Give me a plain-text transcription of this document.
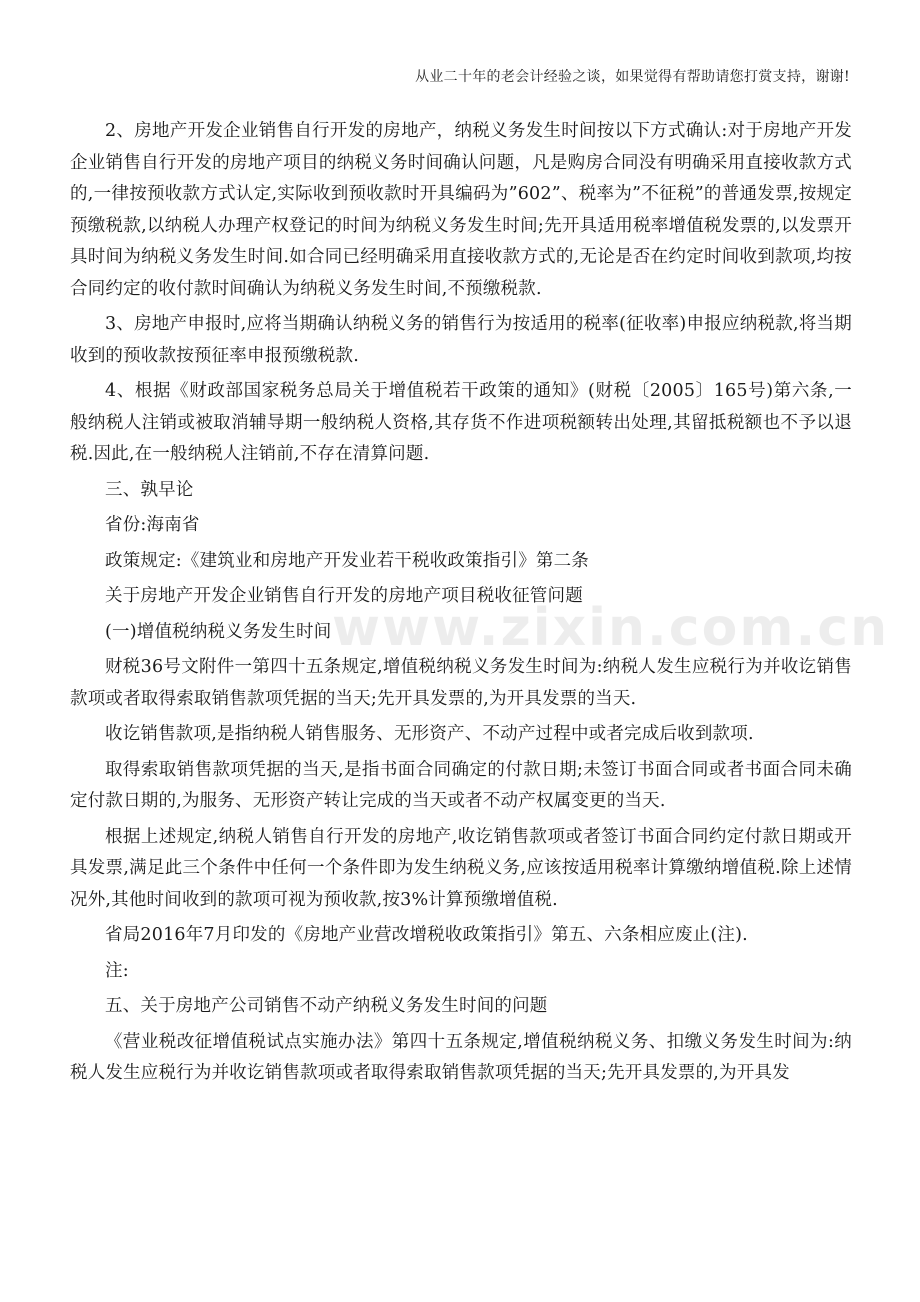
从业二十年的老会计经验之谈，如果觉得有帮助请您打赏支持，谢谢!
www.zixin.com.cn

2、房地产开发企业销售自行开发的房地产，纳税义务发生时间按以下方式确认:对于房地产开发企业销售自行开发的房地产项目的纳税义务时间确认问题，凡是购房合同没有明确采用直接收款方式的,一律按预收款方式认定,实际收到预收款时开具编码为”602”、税率为”不征税”的普通发票,按规定预缴税款,以纳税人办理产权登记的时间为纳税义务发生时间;先开具适用税率增值税发票的,以发票开具时间为纳税义务发生时间.如合同已经明确采用直接收款方式的,无论是否在约定时间收到款项,均按合同约定的收付款时间确认为纳税义务发生时间,不预缴税款.

3、房地产申报时,应将当期确认纳税义务的销售行为按适用的税率(征收率)申报应纳税款,将当期收到的预收款按预征率申报预缴税款.

4、根据《财政部国家税务总局关于增值税若干政策的通知》(财税〔2005〕165号)第六条,一般纳税人注销或被取消辅导期一般纳税人资格,其存货不作进项税额转出处理,其留抵税额也不予以退税.因此,在一般纳税人注销前,不存在清算问题.

三、孰早论

省份:海南省

政策规定:《建筑业和房地产开发业若干税收政策指引》第二条

关于房地产开发企业销售自行开发的房地产项目税收征管问题

(一)增值税纳税义务发生时间

财税36号文附件一第四十五条规定,增值税纳税义务发生时间为:纳税人发生应税行为并收讫销售款项或者取得索取销售款项凭据的当天;先开具发票的,为开具发票的当天.

收讫销售款项,是指纳税人销售服务、无形资产、不动产过程中或者完成后收到款项.

取得索取销售款项凭据的当天,是指书面合同确定的付款日期;未签订书面合同或者书面合同未确定付款日期的,为服务、无形资产转让完成的当天或者不动产权属变更的当天.

根据上述规定,纳税人销售自行开发的房地产,收讫销售款项或者签订书面合同约定付款日期或开具发票,满足此三个条件中任何一个条件即为发生纳税义务,应该按适用税率计算缴纳增值税.除上述情况外,其他时间收到的款项可视为预收款,按3%计算预缴增值税.

省局2016年7月印发的《房地产业营改增税收政策指引》第五、六条相应废止(注).

注:

五、关于房地产公司销售不动产纳税义务发生时间的问题

《营业税改征增值税试点实施办法》第四十五条规定,增值税纳税义务、扣缴义务发生时间为:纳税人发生应税行为并收讫销售款项或者取得索取销售款项凭据的当天;先开具发票的,为开具发
